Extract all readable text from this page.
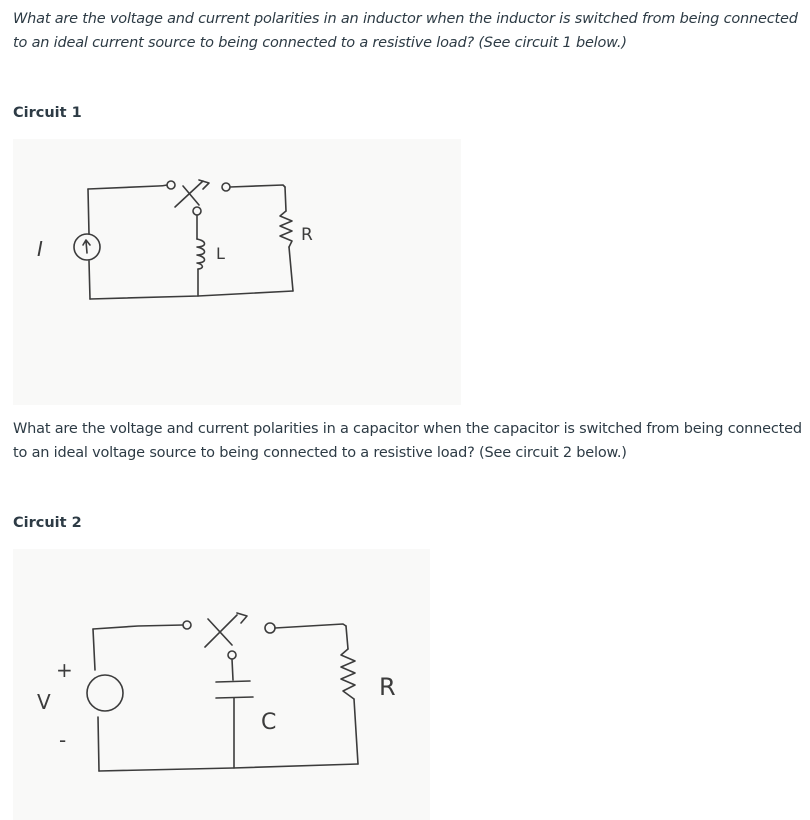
What are the voltage and current polarities in an inductor when the inductor is switched from being connected to an ideal current source to being connected to a resistive load? (See circuit 1 below.)
Circuit 1
I	L
R
What are the voltage and current polarities in a capacitor when the capacitor is switched from being connected to an ideal voltage source to being connected to a resistive load? (See circuit 2 below.)
Circuit 2
+
V
-
C
R
